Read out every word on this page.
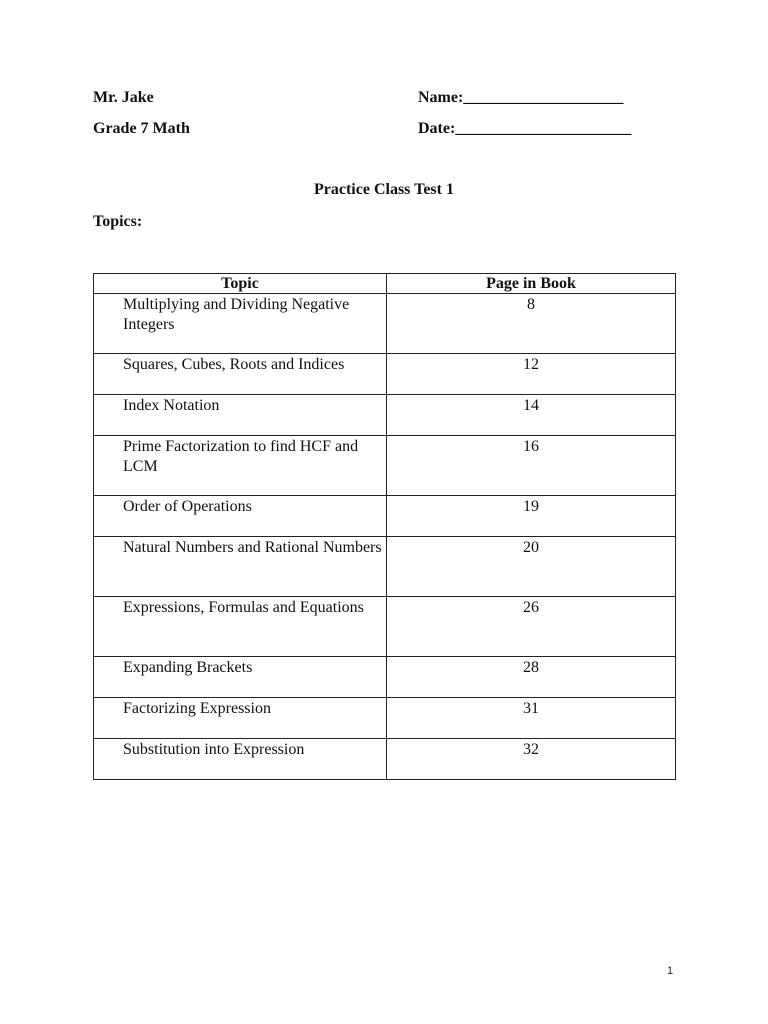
Mr. Jake
Grade 7 Math
Name:____________________
Date:______________________
Practice Class Test 1
Topics:
Topic	Page in Book
Multiplying and Dividing Negative Integers	8
Squares, Cubes, Roots and Indices	12
Index Notation	14
Prime Factorization to find HCF and LCM	16
Order of Operations	19
Natural Numbers and Rational Numbers	20
Expressions, Formulas and Equations	26
Expanding Brackets	28
Factorizing Expression	31
Substitution into Expression	32
1
